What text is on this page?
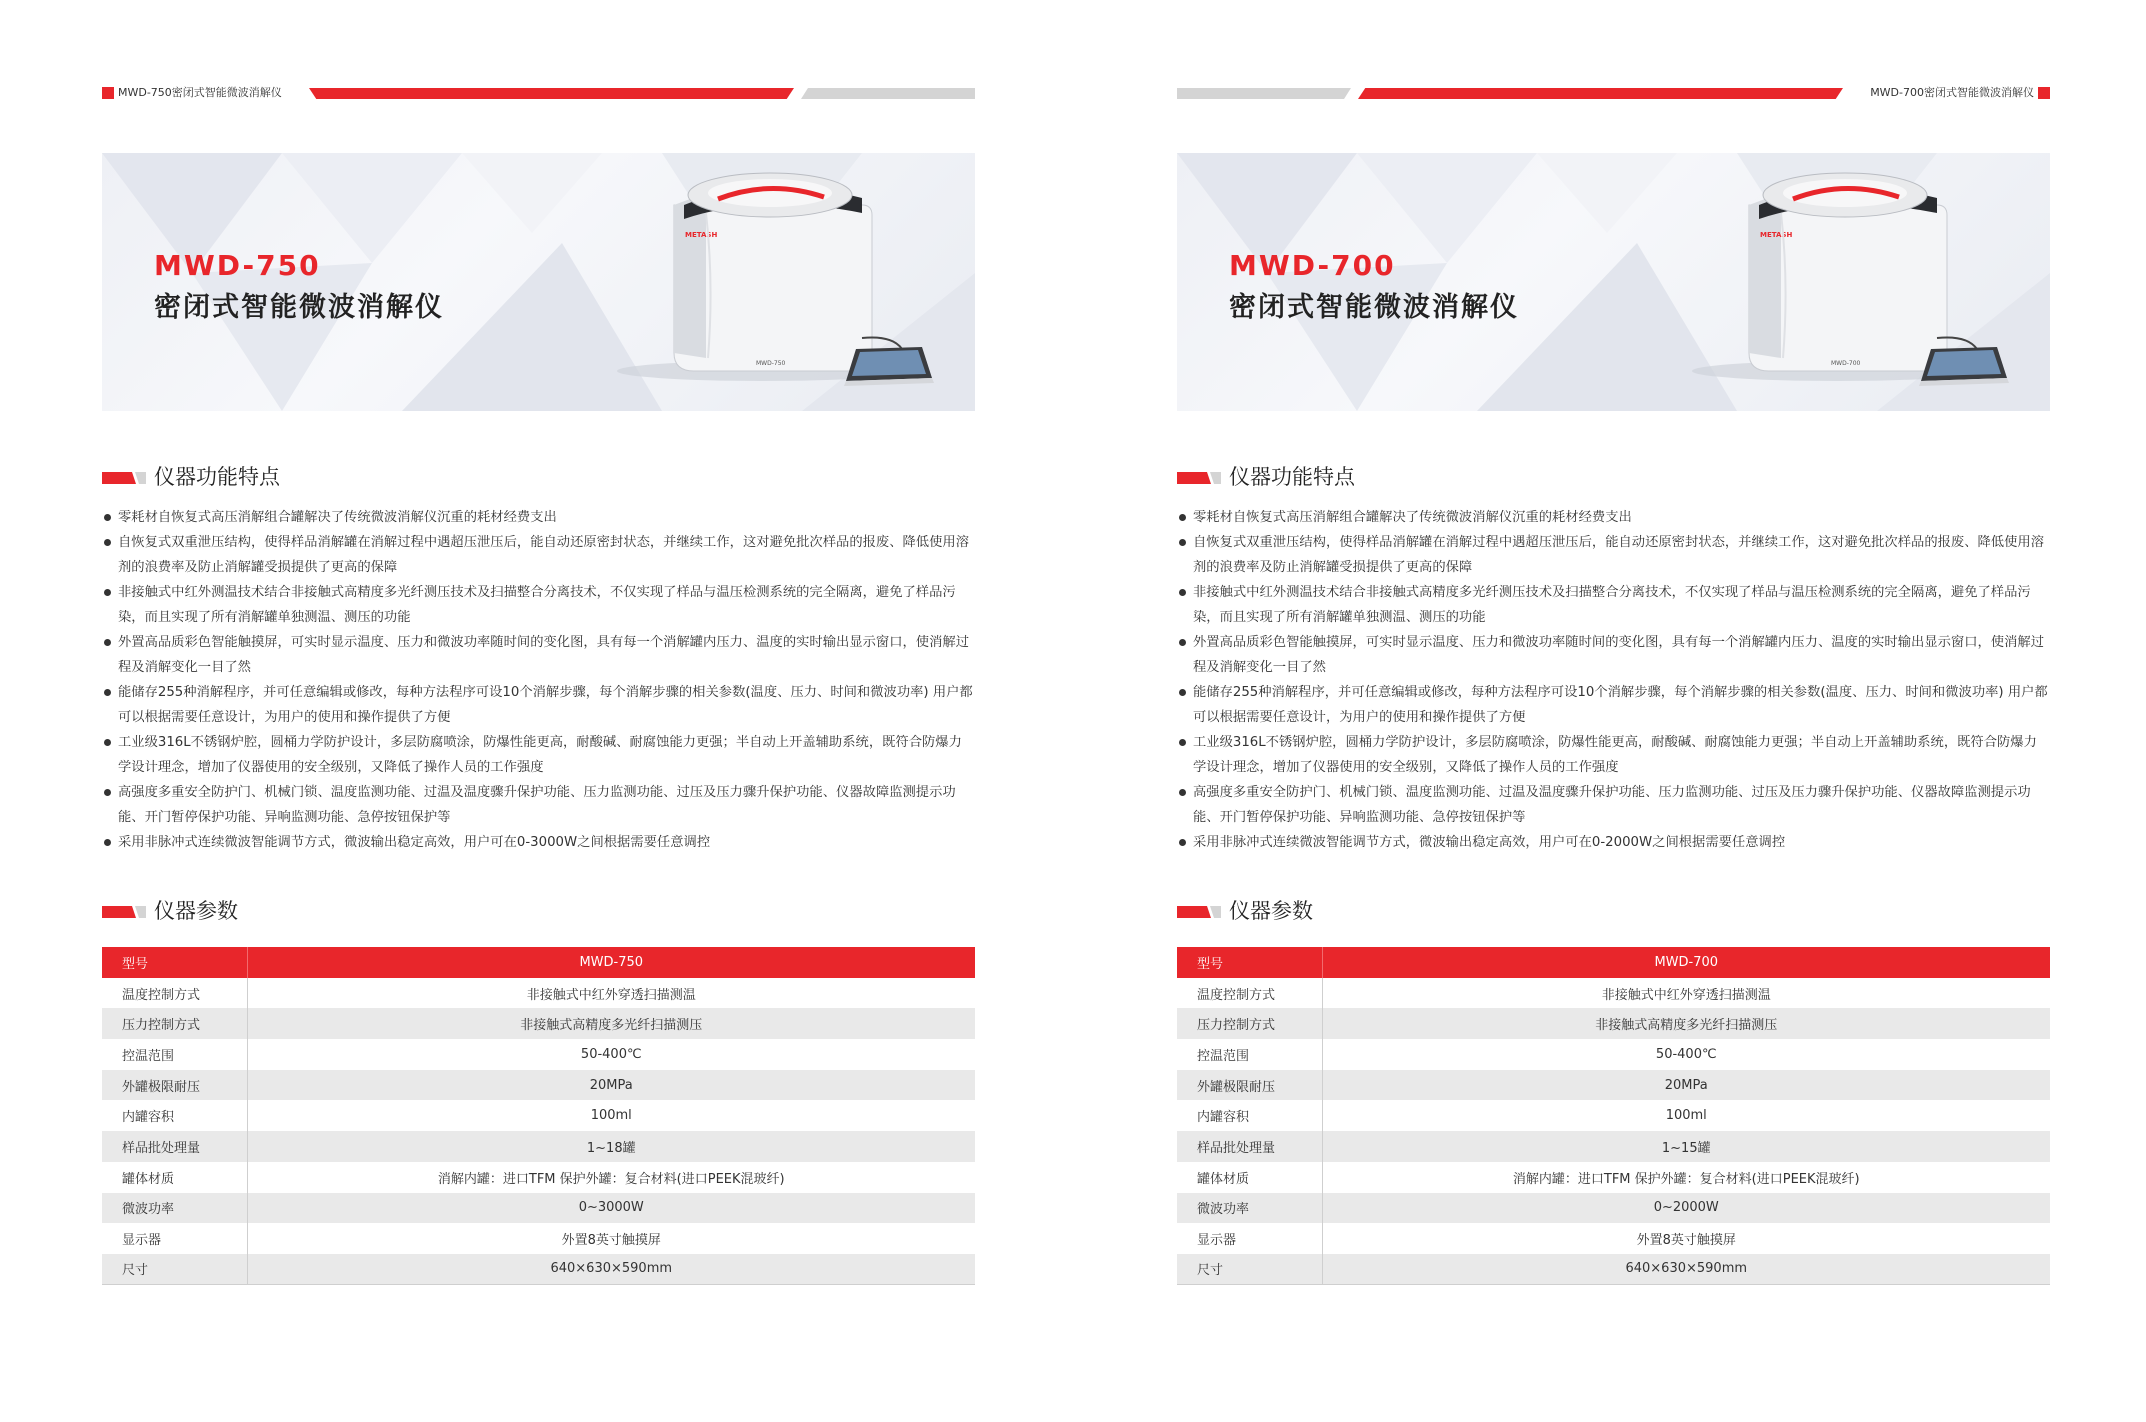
MWD-750密闭式智能微波消解仪
MWD-750
密闭式智能微波消解仪
METASH
MWD-750
仪器功能特点
零耗材自恢复式高压消解组合罐解决了传统微波消解仪沉重的耗材经费支出
自恢复式双重泄压结构，使得样品消解罐在消解过程中遇超压泄压后，能自动还原密封状态，并继续工作，这对避免批次样品的报废、降低使用溶剂的浪费率及防止消解罐受损提供了更高的保障
非接触式中红外测温技术结合非接触式高精度多光纤测压技术及扫描整合分离技术，不仅实现了样品与温压检测系统的完全隔离，避免了样品污染，而且实现了所有消解罐单独测温、测压的功能
外置高品质彩色智能触摸屏，可实时显示温度、压力和微波功率随时间的变化图，具有每一个消解罐内压力、温度的实时输出显示窗口，使消解过程及消解变化一目了然
能储存255种消解程序，并可任意编辑或修改，每种方法程序可设10个消解步骤，每个消解步骤的相关参数(温度、压力、时间和微波功率) 用户都可以根据需要任意设计，为用户的使用和操作提供了方便
工业级316L不锈钢炉腔，圆桶力学防护设计，多层防腐喷涂，防爆性能更高，耐酸碱、耐腐蚀能力更强；半自动上开盖辅助系统，既符合防爆力学设计理念，增加了仪器使用的安全级别，又降低了操作人员的工作强度
高强度多重安全防护门、机械门锁、温度监测功能、过温及温度骤升保护功能、压力监测功能、过压及压力骤升保护功能、仪器故障监测提示功能、开门暂停保护功能、异响监测功能、急停按钮保护等
采用非脉冲式连续微波智能调节方式，微波输出稳定高效，用户可在0-3000W之间根据需要任意调控
仪器参数
型号	MWD-750
温度控制方式	非接触式中红外穿透扫描测温
压力控制方式	非接触式高精度多光纤扫描测压
控温范围	50-400℃
外罐极限耐压	20MPa
内罐容积	100ml
样品批处理量	1~18罐
罐体材质	消解内罐：进口TFM 保护外罐：复合材料(进口PEEK混玻纤)
微波功率	0~3000W
显示器	外置8英寸触摸屏
尺寸	640×630×590mm
MWD-700密闭式智能微波消解仪
MWD-700
密闭式智能微波消解仪
METASH
MWD-700
仪器功能特点
零耗材自恢复式高压消解组合罐解决了传统微波消解仪沉重的耗材经费支出
自恢复式双重泄压结构，使得样品消解罐在消解过程中遇超压泄压后，能自动还原密封状态，并继续工作，这对避免批次样品的报废、降低使用溶剂的浪费率及防止消解罐受损提供了更高的保障
非接触式中红外测温技术结合非接触式高精度多光纤测压技术及扫描整合分离技术，不仅实现了样品与温压检测系统的完全隔离，避免了样品污染，而且实现了所有消解罐单独测温、测压的功能
外置高品质彩色智能触摸屏，可实时显示温度、压力和微波功率随时间的变化图，具有每一个消解罐内压力、温度的实时输出显示窗口，使消解过程及消解变化一目了然
能储存255种消解程序，并可任意编辑或修改，每种方法程序可设10个消解步骤，每个消解步骤的相关参数(温度、压力、时间和微波功率) 用户都可以根据需要任意设计，为用户的使用和操作提供了方便
工业级316L不锈钢炉腔，圆桶力学防护设计，多层防腐喷涂，防爆性能更高，耐酸碱、耐腐蚀能力更强；半自动上开盖辅助系统，既符合防爆力学设计理念，增加了仪器使用的安全级别，又降低了操作人员的工作强度
高强度多重安全防护门、机械门锁、温度监测功能、过温及温度骤升保护功能、压力监测功能、过压及压力骤升保护功能、仪器故障监测提示功能、开门暂停保护功能、异响监测功能、急停按钮保护等
采用非脉冲式连续微波智能调节方式，微波输出稳定高效，用户可在0-2000W之间根据需要任意调控
仪器参数
型号	MWD-700
温度控制方式	非接触式中红外穿透扫描测温
压力控制方式	非接触式高精度多光纤扫描测压
控温范围	50-400℃
外罐极限耐压	20MPa
内罐容积	100ml
样品批处理量	1~15罐
罐体材质	消解内罐：进口TFM 保护外罐：复合材料(进口PEEK混玻纤)
微波功率	0~2000W
显示器	外置8英寸触摸屏
尺寸	640×630×590mm
